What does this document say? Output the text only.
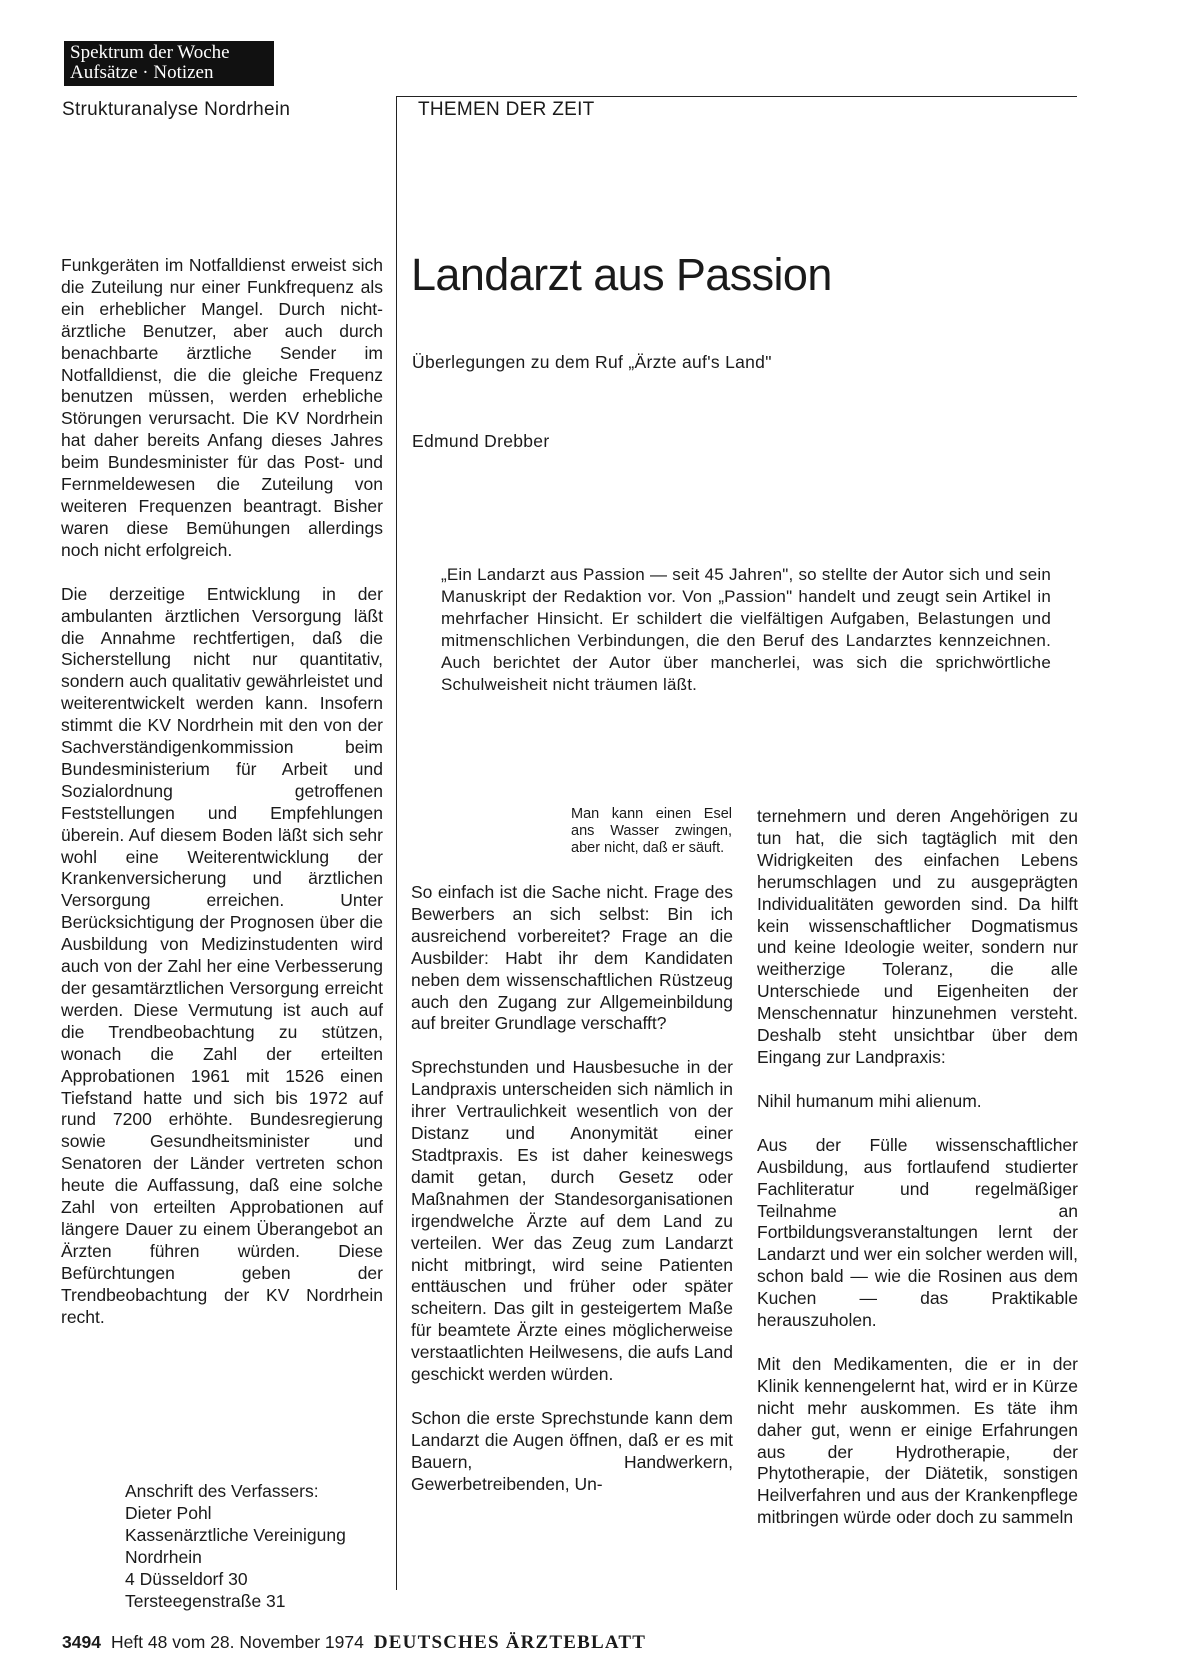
Spektrum der Woche
Aufsätze · Notizen
Strukturanalyse Nordrhein	THEMEN DER ZEIT

Funkgeräten im Notfalldienst erweist sich die Zuteilung nur einer Funkfrequenz als ein erheblicher Mangel. Durch nicht-ärztliche Benutzer, aber auch durch benachbarte ärztliche Sender im Notfalldienst, die die gleiche Frequenz benutzen müssen, werden erhebliche Störungen verursacht. Die KV Nordrhein hat daher bereits Anfang dieses Jahres beim Bundesminister für das Post- und Fernmeldewesen die Zuteilung von weiteren Frequenzen beantragt. Bisher waren diese Bemühungen allerdings noch nicht erfolgreich.

Die derzeitige Entwicklung in der ambulanten ärztlichen Versorgung läßt die Annahme rechtfertigen, daß die Sicherstellung nicht nur quantitativ, sondern auch qualitativ gewährleistet und weiterentwickelt werden kann. Insofern stimmt die KV Nordrhein mit den von der Sachverständigenkommission beim Bundesministerium für Arbeit und Sozialordnung getroffenen Feststellungen und Empfehlungen überein. Auf diesem Boden läßt sich sehr wohl eine Weiterentwicklung der Krankenversicherung und ärztlichen Versorgung erreichen. Unter Berücksichtigung der Prognosen über die Ausbildung von Medizinstudenten wird auch von der Zahl her eine Verbesserung der gesamtärztlichen Versorgung erreicht werden. Diese Vermutung ist auch auf die Trendbeobachtung zu stützen, wonach die Zahl der erteilten Approbationen 1961 mit 1526 einen Tiefstand hatte und sich bis 1972 auf rund 7200 erhöhte. Bundesregierung sowie Gesundheitsminister und Senatoren der Länder vertreten schon heute die Auffassung, daß eine solche Zahl von erteilten Approbationen auf längere Dauer zu einem Überangebot an Ärzten führen würden. Diese Befürchtungen geben der Trendbeobachtung der KV Nordrhein recht.

Anschrift des Verfassers:
Dieter Pohl
Kassenärztliche Vereinigung
Nordrhein
4 Düsseldorf 30
Tersteegenstraße 31
Landarzt aus Passion
Überlegungen zu dem Ruf „Ärzte auf's Land"
Edmund Drebber
„Ein Landarzt aus Passion — seit 45 Jahren", so stellte der Autor sich und sein Manuskript der Redaktion vor. Von „Passion" handelt und zeugt sein Artikel in mehrfacher Hinsicht. Er schildert die vielfältigen Aufgaben, Belastungen und mitmenschlichen Verbindungen, die den Beruf des Landarztes kennzeichnen. Auch berichtet der Autor über mancherlei, was sich die sprichwörtliche Schulweisheit nicht träumen läßt.
Man kann einen Esel ans Wasser zwingen, aber nicht, daß er säuft.

So einfach ist die Sache nicht. Frage des Bewerbers an sich selbst: Bin ich ausreichend vorbereitet? Frage an die Ausbilder: Habt ihr dem Kandidaten neben dem wissenschaftlichen Rüstzeug auch den Zugang zur Allgemeinbildung auf breiter Grundlage verschafft?

Sprechstunden und Hausbesuche in der Landpraxis unterscheiden sich nämlich in ihrer Vertraulichkeit wesentlich von der Distanz und Anonymität einer Stadtpraxis. Es ist daher keineswegs damit getan, durch Gesetz oder Maßnahmen der Standesorganisationen irgendwelche Ärzte auf dem Land zu verteilen. Wer das Zeug zum Landarzt nicht mitbringt, wird seine Patienten enttäuschen und früher oder später scheitern. Das gilt in gesteigertem Maße für beamtete Ärzte eines möglicherweise verstaatlichten Heilwesens, die aufs Land geschickt werden würden.

Schon die erste Sprechstunde kann dem Landarzt die Augen öffnen, daß er es mit Bauern, Handwerkern, Gewerbetreibenden, Un-

ternehmern und deren Angehörigen zu tun hat, die sich tagtäglich mit den Widrigkeiten des einfachen Lebens herumschlagen und zu ausgeprägten Individualitäten geworden sind. Da hilft kein wissenschaftlicher Dogmatismus und keine Ideologie weiter, sondern nur weitherzige Toleranz, die alle Unterschiede und Eigenheiten der Menschennatur hinzunehmen versteht. Deshalb steht unsichtbar über dem Eingang zur Landpraxis:

Nihil humanum mihi alienum.

Aus der Fülle wissenschaftlicher Ausbildung, aus fortlaufend studierter Fachliteratur und regelmäßiger Teilnahme an Fortbildungsveranstaltungen lernt der Landarzt und wer ein solcher werden will, schon bald — wie die Rosinen aus dem Kuchen — das Praktikable herauszuholen.

Mit den Medikamenten, die er in der Klinik kennengelernt hat, wird er in Kürze nicht mehr auskommen. Es täte ihm daher gut, wenn er einige Erfahrungen aus der Hydrotherapie, der Phytotherapie, der Diätetik, sonstigen Heilverfahren und aus der Krankenpflege mitbringen würde oder doch zu sammeln

3494 Heft 48 vom 28. November 1974 DEUTSCHES ÄRZTEBLATT
